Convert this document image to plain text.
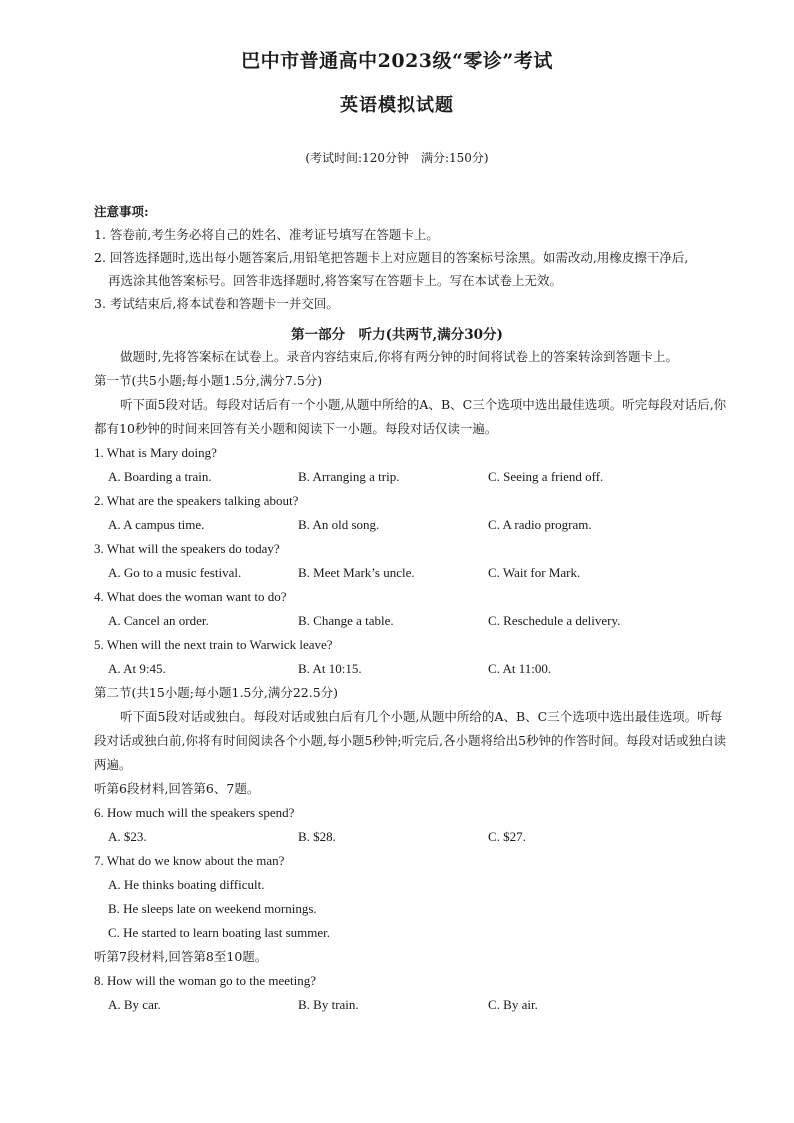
巴中市普通高中2023级“零诊”考试
英语模拟试题
(考试时间:120分钟　满分:150分)
注意事项:
1. 答卷前,考生务必将自己的姓名、准考证号填写在答题卡上。
2. 回答选择题时,选出每小题答案后,用铅笔把答题卡上对应题目的答案标号涂黑。如需改动,用橡皮擦干净后,
再选涂其他答案标号。回答非选择题时,将答案写在答题卡上。写在本试卷上无效。
3. 考试结束后,将本试卷和答题卡一并交回。
第一部分　听力(共两节,满分30分)
做题时,先将答案标在试卷上。录音内容结束后,你将有两分钟的时间将试卷上的答案转涂到答题卡上。
第一节(共5小题;每小题1.5分,满分7.5分)
听下面5段对话。每段对话后有一个小题,从题中所给的A、B、C三个选项中选出最佳选项。听完每段对话后,你都有10秒钟的时间来回答有关小题和阅读下一小题。每段对话仅读一遍。
1. What is Mary doing?
A. Boarding a train.	B. Arranging a trip.	C. Seeing a friend off.
2. What are the speakers talking about?
A. A campus time.	B. An old song.	C. A radio program.
3. What will the speakers do today?
A. Go to a music festival.	B. Meet Mark’s uncle.	C. Wait for Mark.
4. What does the woman want to do?
A. Cancel an order.	B. Change a table.	C. Reschedule a delivery.
5. When will the next train to Warwick leave?
A. At 9:45.	B. At 10:15.	C. At 11:00.
第二节(共15小题;每小题1.5分,满分22.5分)
听下面5段对话或独白。每段对话或独白后有几个小题,从题中所给的A、B、C三个选项中选出最佳选项。听每段对话或独白前,你将有时间阅读各个小题,每小题5秒钟;听完后,各小题将给出5秒钟的作答时间。每段对话或独白读两遍。
听第6段材料,回答第6、7题。
6. How much will the speakers spend?
A. $23.	B. $28.	C. $27.
7. What do we know about the man?
A. He thinks boating difficult.
B. He sleeps late on weekend mornings.
C. He started to learn boating last summer.
听第7段材料,回答第8至10题。
8. How will the woman go to the meeting?
A. By car.	B. By train.	C. By air.
